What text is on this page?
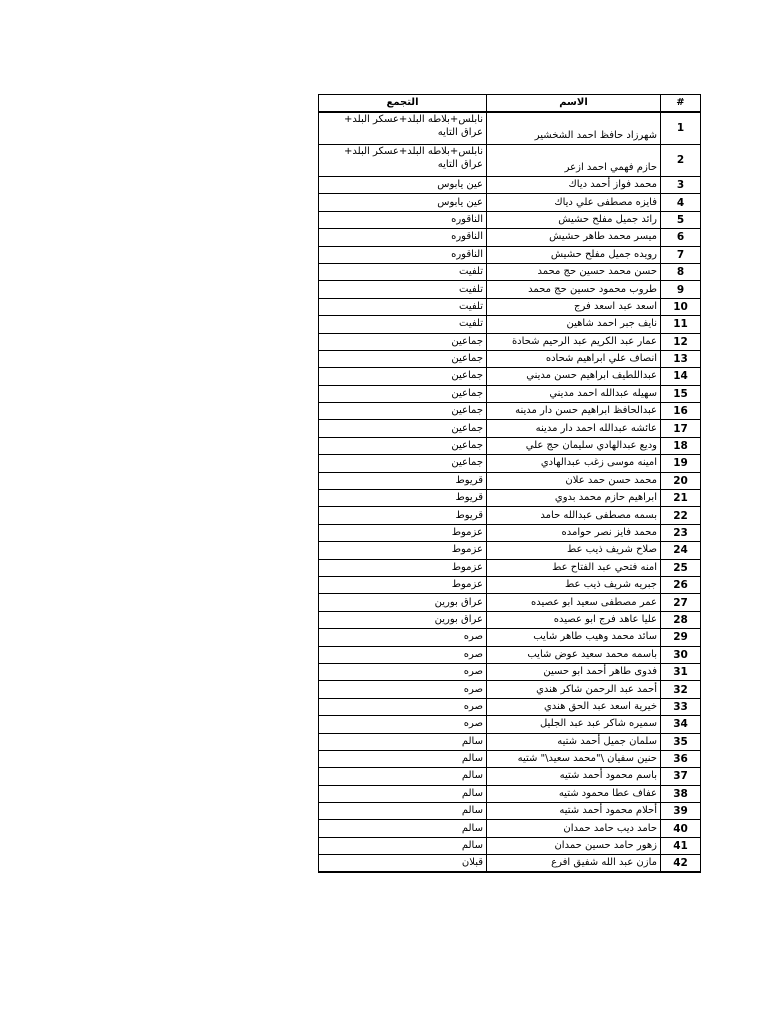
#	الاسم	التجمع
1	شهرزاد حافظ احمد الشخشير	نابلس+بلاطه البلد+عسكر البلد+ عراق التايه
2	حازم فهمي احمد ازعر	نابلس+بلاطه البلد+عسكر البلد+ عراق التايه
3	محمد فواز أحمد دياك	عين يابوس
4	فايزه مصطفى علي دياك	عين يابوس
5	رائد جميل مفلح حشيش	الناقوره
6	ميسر محمد طاهر حشيش	الناقوره
7	رويده جميل مفلح حشيش	الناقوره
8	حسن محمد حسين حج محمد	تلفيت
9	طروب محمود حسين حج محمد	تلفيت
10	اسعد عبد اسعد فرج	تلفيت
11	نايف جبر احمد شاهين	تلفيت
12	عمار عبد الكريم عبد الرحيم شحادة	جماعين
13	انصاف علي ابراهيم شحاده	جماعين
14	عبداللطيف ابراهيم حسن مديني	جماعين
15	سهيله عبدالله احمد مديني	جماعين
16	عبدالحافظ ابراهيم حسن دار مدينه	جماعين
17	عائشه عبدالله احمد دار مدينه	جماعين
18	وديع عبدالهادي سليمان حج علي	جماعين
19	امينه موسى زغب عبدالهادي	جماعين
20	محمد حسن حمد علان	قريوط
21	ابراهيم حازم محمد بدوي	قريوط
22	بسمه مصطفى عبدالله حامد	قريوط
23	محمد فايز نصر حوامده	عزموط
24	صلاح شريف ذيب عط	عزموط
25	امنه فتحي عبد الفتاح عط	عزموط
26	جبريه شريف ذيب عط	عزموط
27	عمر مصطفى سعيد ابو عصيده	عراق بورين
28	عليا عاهد فرج ابو عصيده	عراق بورين
29	سائد محمد وهيب طاهر شايب	صره
30	باسمه محمد سعيد عوض شايب	صره
31	فدوى طاهر أحمد ابو حسين	صره
32	أحمد عبد الرحمن شاكر هندي	صره
33	خيرية اسعد عبد الحق هندي	صره
34	سميره شاكر عبد عبد الجليل	صره
35	سلمان جميل أحمد شتيه	سالم
36	حنين سفيان \"محمد سعيد\" شتيه	سالم
37	باسم محمود أحمد شتيه	سالم
38	عفاف عطا محمود شتيه	سالم
39	أحلام محمود أحمد شتيه	سالم
40	حامد ديب حامد حمدان	سالم
41	زهور حامد حسين حمدان	سالم
42	مازن عبد الله شفيق افرع	قبلان
